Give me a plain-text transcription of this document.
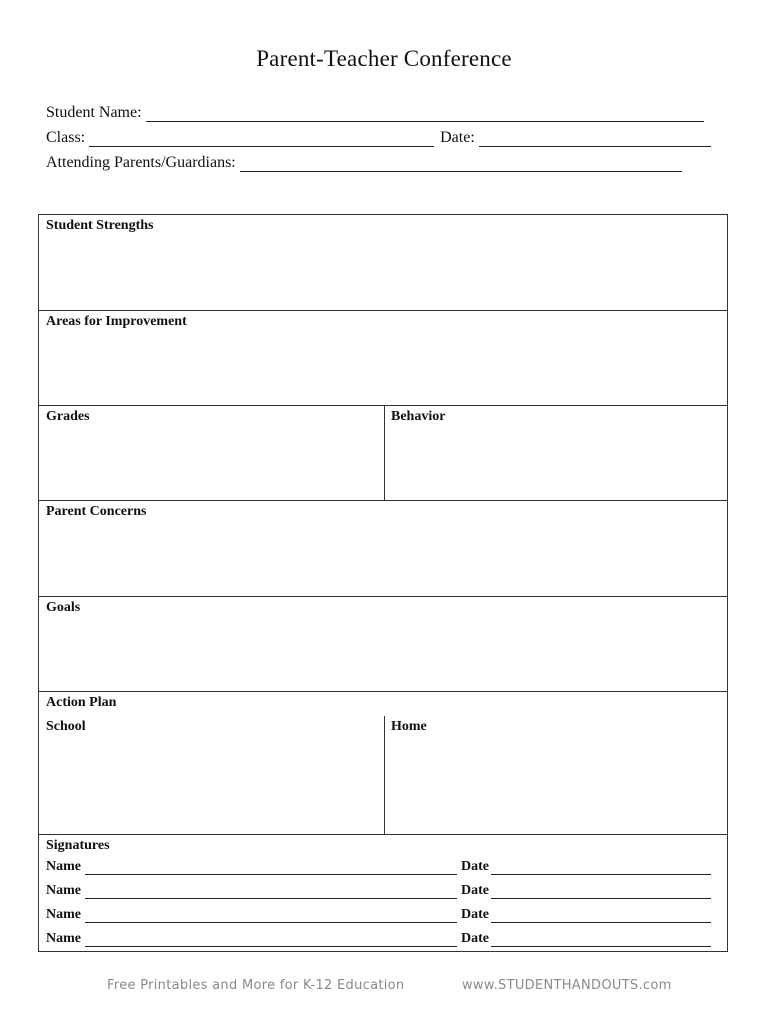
Parent-Teacher Conference
Student Name:
Class:	Date:
Attending Parents/Guardians:
Student Strengths
Areas for Improvement
Grades	Behavior
Parent Concerns
Goals
Action Plan
School	Home
Signatures
Name	Date
Name	Date
Name	Date
Name	Date
Free Printables and More for K-12 Education	www.STUDENTHANDOUTS.com
